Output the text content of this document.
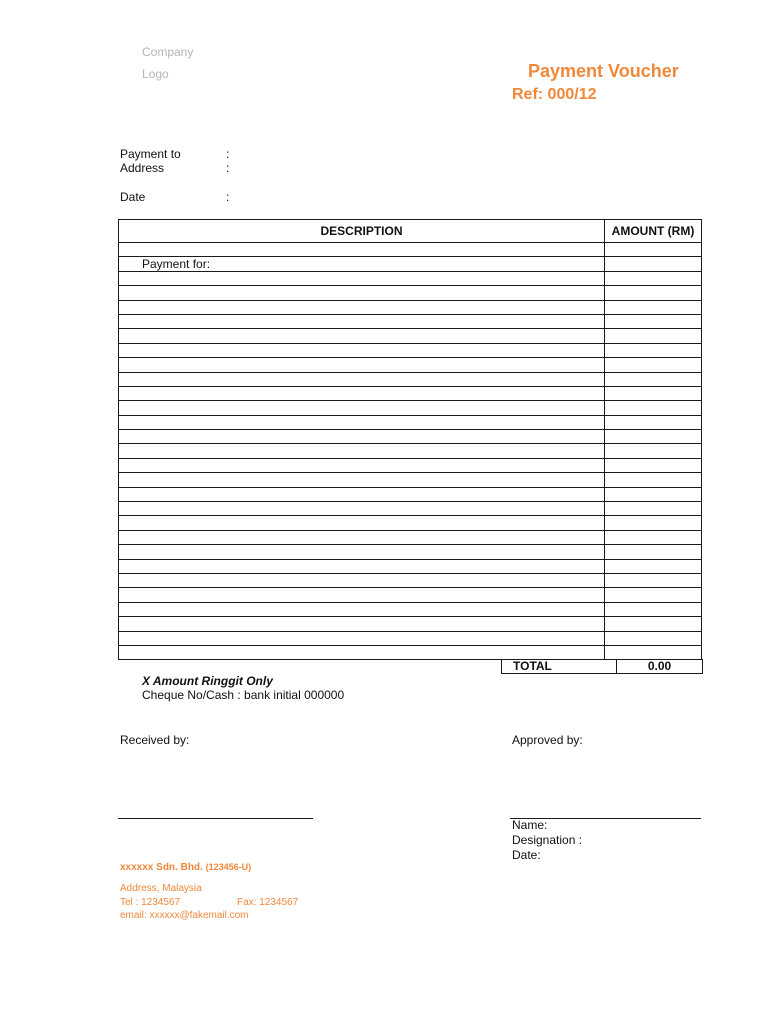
Company
Logo	Payment Voucher
Ref: 000/12
Payment to	:
Address	:
Date	:
DESCRIPTION	AMOUNT (RM)

Payment for:	

TOTAL	0.00
X Amount Ringgit Only
Cheque No/Cash : bank initial 000000
Received by:	Approved by:
Name:
Designation :
Date:
xxxxxx Sdn. Bhd. (123456-U)
Address, Malaysia
Tel : 1234567	Fax: 1234567
email: xxxxxx@fakemail.com
